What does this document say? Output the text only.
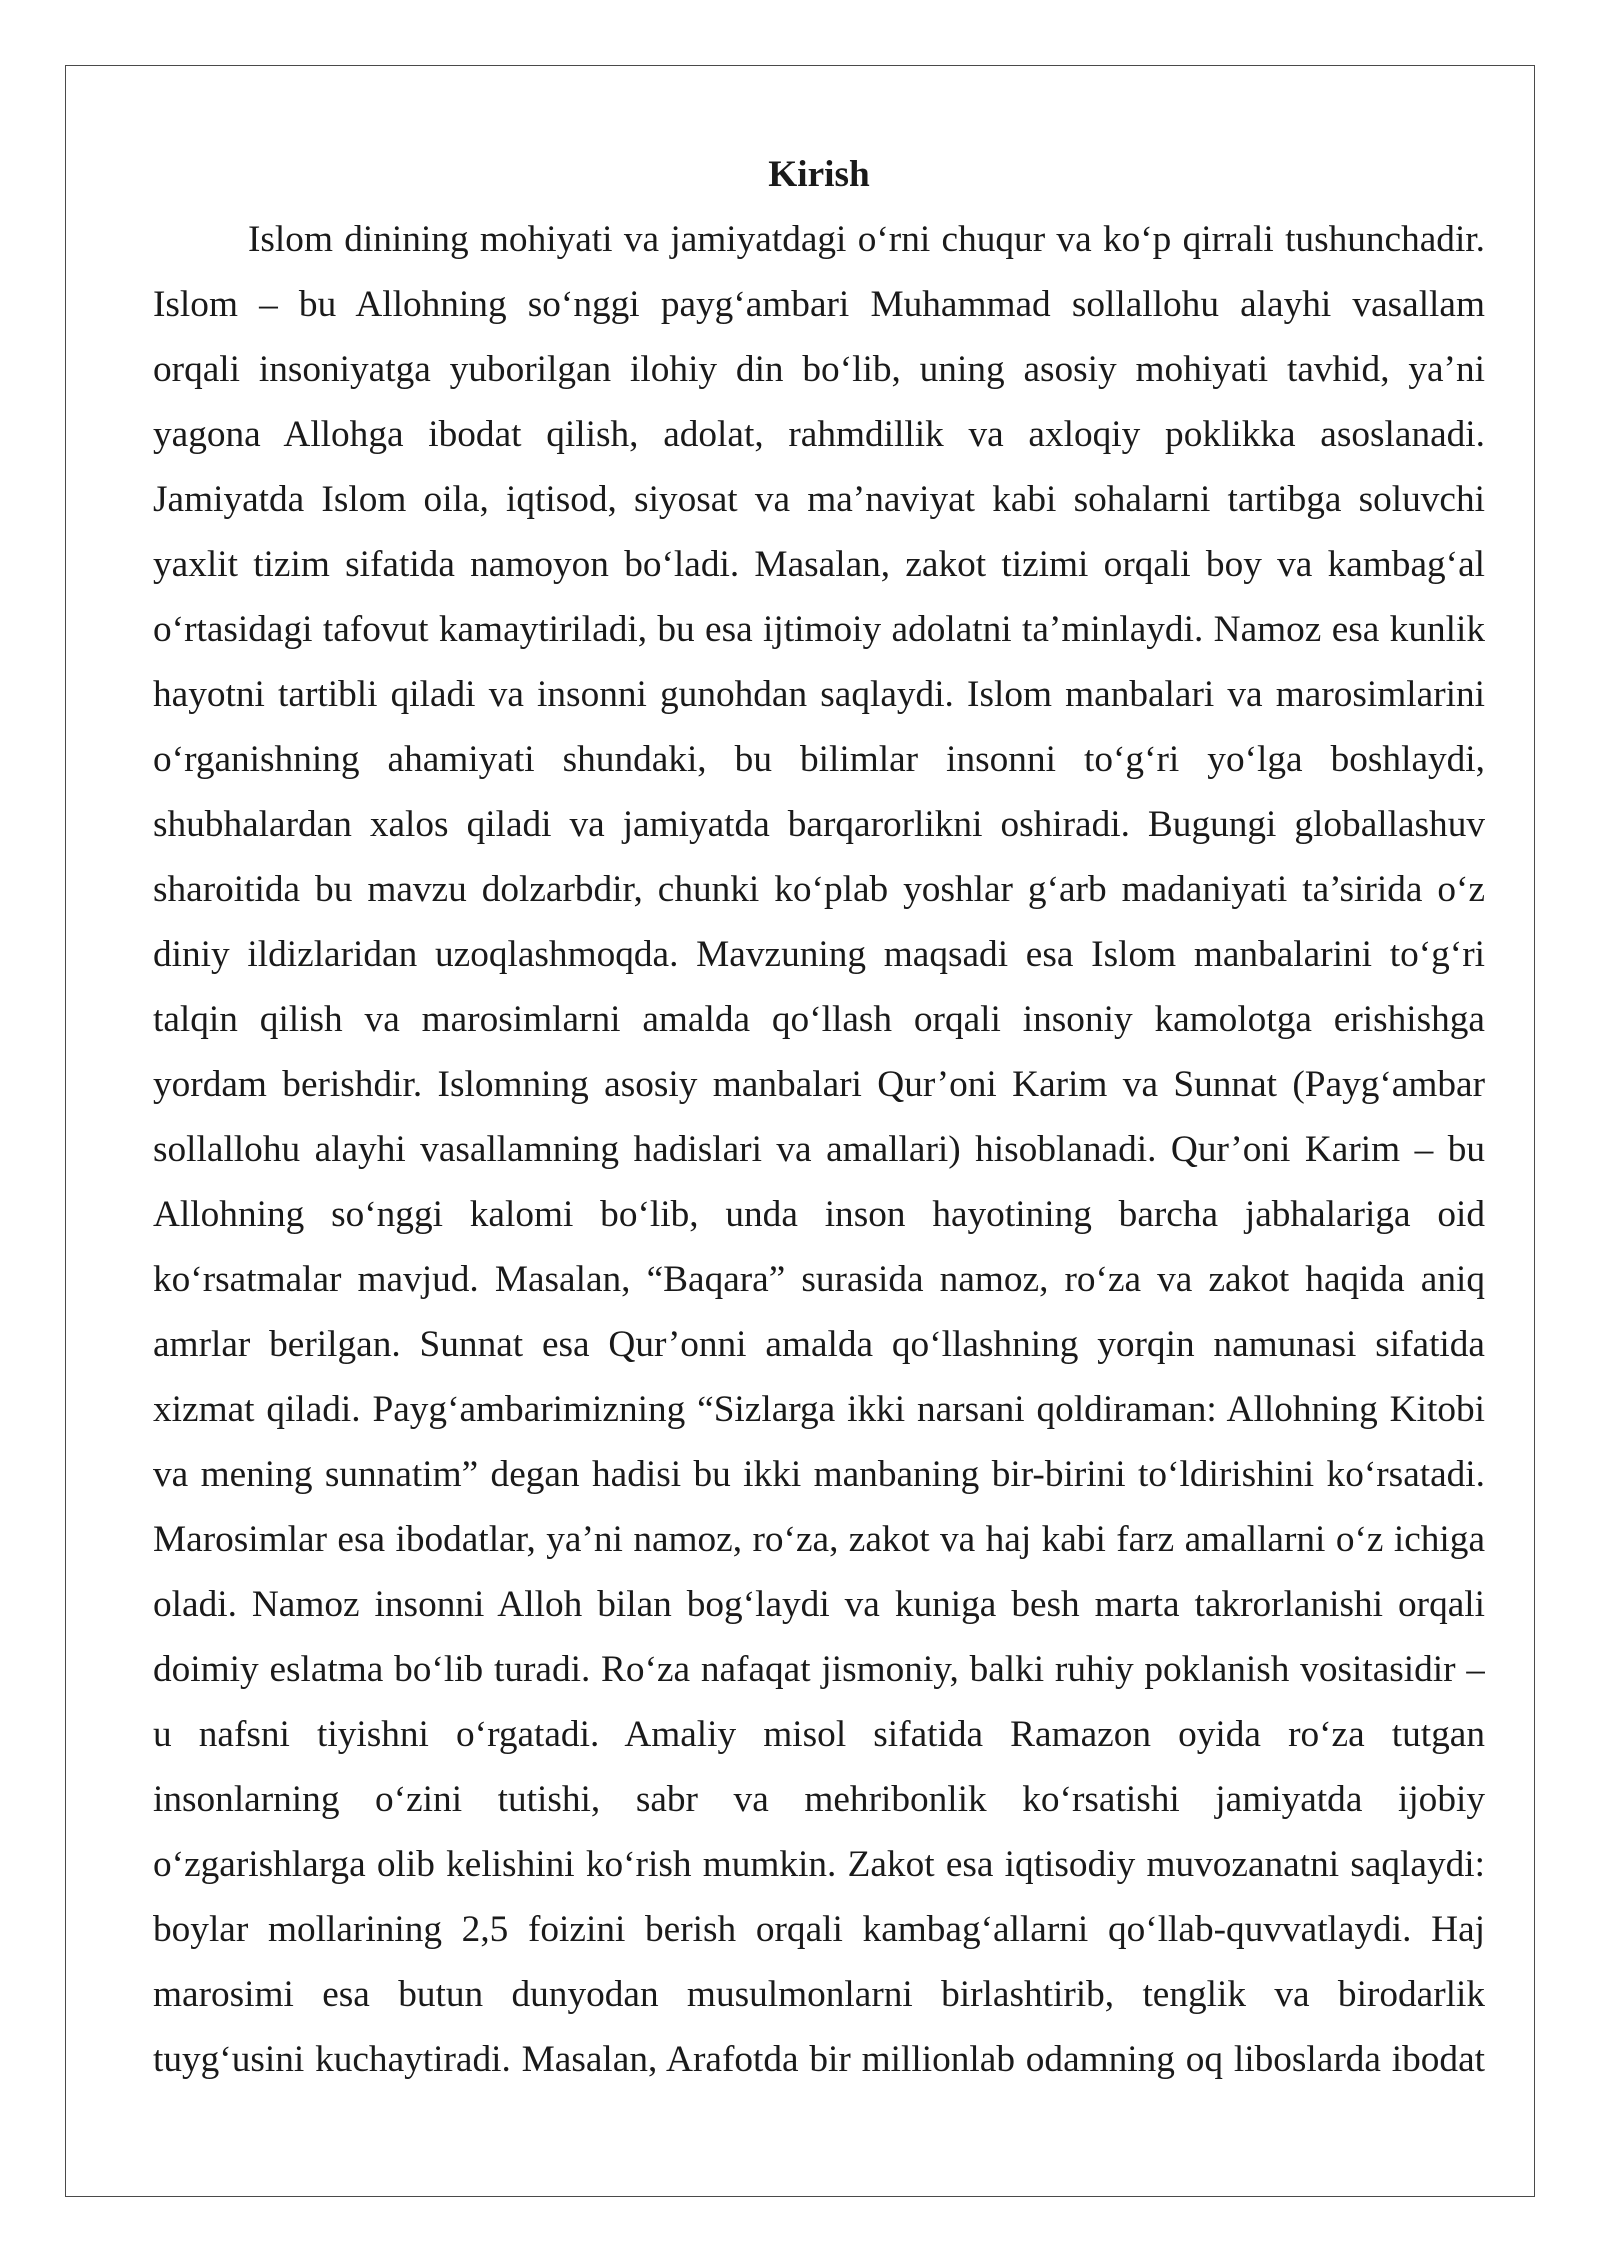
Kirish
Islom dinining mohiyati va jamiyatdagi o‘rni chuqur va ko‘p qirrali tushunchadir.
Islom – bu Allohning so‘nggi payg‘ambari Muhammad sollallohu alayhi vasallam
orqali insoniyatga yuborilgan ilohiy din bo‘lib, uning asosiy mohiyati tavhid, ya’ni
yagona Allohga ibodat qilish, adolat, rahmdillik va axloqiy poklikka asoslanadi.
Jamiyatda Islom oila, iqtisod, siyosat va ma’naviyat kabi sohalarni tartibga soluvchi
yaxlit tizim sifatida namoyon bo‘ladi. Masalan, zakot tizimi orqali boy va kambag‘al
o‘rtasidagi tafovut kamaytiriladi, bu esa ijtimoiy adolatni ta’minlaydi. Namoz esa kunlik
hayotni tartibli qiladi va insonni gunohdan saqlaydi. Islom manbalari va marosimlarini
o‘rganishning ahamiyati shundaki, bu bilimlar insonni to‘g‘ri yo‘lga boshlaydi,
shubhalardan xalos qiladi va jamiyatda barqarorlikni oshiradi. Bugungi globallashuv
sharoitida bu mavzu dolzarbdir, chunki ko‘plab yoshlar g‘arb madaniyati ta’sirida o‘z
diniy ildizlaridan uzoqlashmoqda. Mavzuning maqsadi esa Islom manbalarini to‘g‘ri
talqin qilish va marosimlarni amalda qo‘llash orqali insoniy kamolotga erishishga
yordam berishdir. Islomning asosiy manbalari Qur’oni Karim va Sunnat (Payg‘ambar
sollallohu alayhi vasallamning hadislari va amallari) hisoblanadi. Qur’oni Karim – bu
Allohning so‘nggi kalomi bo‘lib, unda inson hayotining barcha jabhalariga oid
ko‘rsatmalar mavjud. Masalan, “Baqara” surasida namoz, ro‘za va zakot haqida aniq
amrlar berilgan. Sunnat esa Qur’onni amalda qo‘llashning yorqin namunasi sifatida
xizmat qiladi. Payg‘ambarimizning “Sizlarga ikki narsani qoldiraman: Allohning Kitobi
va mening sunnatim” degan hadisi bu ikki manbaning bir-birini to‘ldirishini ko‘rsatadi.
Marosimlar esa ibodatlar, ya’ni namoz, ro‘za, zakot va haj kabi farz amallarni o‘z ichiga
oladi. Namoz insonni Alloh bilan bog‘laydi va kuniga besh marta takrorlanishi orqali
doimiy eslatma bo‘lib turadi. Ro‘za nafaqat jismoniy, balki ruhiy poklanish vositasidir –
u nafsni tiyishni o‘rgatadi. Amaliy misol sifatida Ramazon oyida ro‘za tutgan
insonlarning o‘zini tutishi, sabr va mehribonlik ko‘rsatishi jamiyatda ijobiy
o‘zgarishlarga olib kelishini ko‘rish mumkin. Zakot esa iqtisodiy muvozanatni saqlaydi:
boylar mollarining 2,5 foizini berish orqali kambag‘allarni qo‘llab-quvvatlaydi. Haj
marosimi esa butun dunyodan musulmonlarni birlashtirib, tenglik va birodarlik
tuyg‘usini kuchaytiradi. Masalan, Arafotda bir millionlab odamning oq liboslarda ibodat
